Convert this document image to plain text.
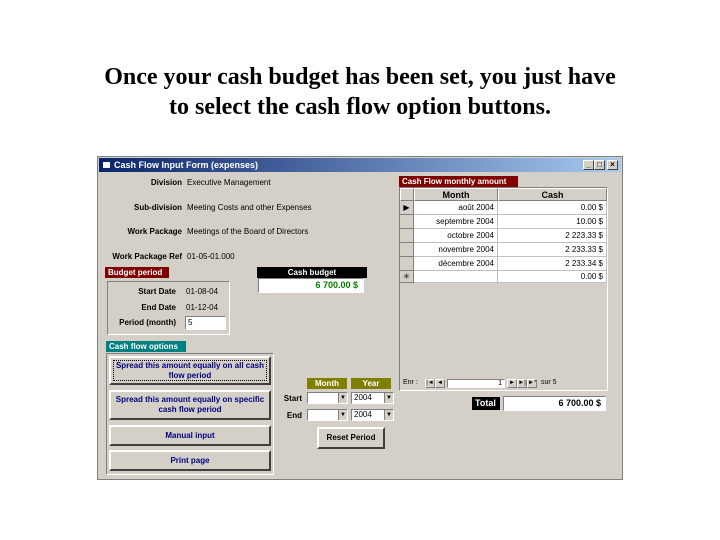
Once your cash budget has been set, you just have
to select the cash flow option buttons.
Cash Flow Input Form (expenses)	_ □	×
Division Executive Management
Sub-division Meeting Costs and other Expenses
Work Package Meetings of the Board of Directors
Work Package Ref 01-05-01.000
Budget period
Start Date 01-08-04
End Date 01-12-04
Period (month)	5
Cash budget
6 700.00 $
Cash flow options
Spread this amount equally on all cash flow period
Spread this amount equally on specific cash flow period
Manual input
Print page
Month	Year
Start	▼	2004	▼
End	▼	2004	▼
Reset Period
Cash Flow monthly amount
Month	Cash
▶	août 2004	0.00 $
septembre 2004	10.00 $
octobre 2004	2 223.33 $
novembre 2004	2 233.33 $
décembre 2004	2 233.34 $
✳	0.00 $
Enr : |◄ ◄	1	► ►| ►* sur 5
Total	6 700.00 $
